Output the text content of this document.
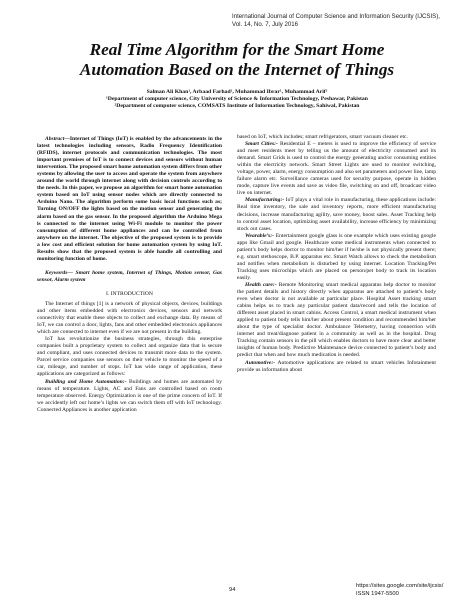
International Journal of Computer Science and Information Security (IJCSIS),
Vol. 14, No. 7, July 2016
Real Time Algorithm for the Smart Home
Automation Based on the Internet of Things
Salman Ali Khan¹, Arbaad Farhad¹, Muhammad Ibrar¹, Muhammad Arif²
¹Department of computer science, City University of Science & Information Technology, Peshawar, Pakistan
²Department of computer science, COMSATS Institute of Information Technology, Sahiwal, Pakistan

Abstract—Internet of Things (IoT) is enabled by the advancements in the latest technologies including sensors, Radio Frequency Identification (RFIDS), internet protocols and communication technologies. The most important premises of IoT is to connect devices and sensors without human intervention. The proposed smart home automation system differs from other systems by allowing the user to access and operate the system from anywhere around the world through internet along with decision controls according to the needs. In this paper, we propose an algorithm for smart home automation system based on IoT using sensor nodes which are directly connected to Arduino Nano. The algorithm perform some basic local functions such as; Turning ON/OFF the lights based on the motion sensor and generating the alarm based on the gas sensor. In the proposed algorithm the Arduino Mega is connected to the internet using Wi-Fi module to monitor the power consumption of different home appliances and can be controlled from anywhere on the internet. The objective of the proposed system is to provide a low cost and efficient solution for home automation system by using IoT. Results show that the proposed system is able handle all controlling and monitoring function of home.

Keywords— Smart home system, Internet of Things, Motion sensor, Gas sensor, Alarm system

I. INTRODUCTION

The Internet of things [1] is a network of physical objects, devices, buildings and other items embedded with electronics devices, sensors and network connectivity that enable these objects to collect and exchange data. By means of IoT, we can control a door, lights, fans and other embedded electronics appliances which are connected to internet even if we are not present in the building.

IoT has revolutionize the business strategies, through this enterprise companies built a proprietary system to collect and organize data that is secure and compliant, and uses connected devices to transmit more data to the system. Parcel service companies use sensors on their vehicle to monitor the speed of a car, mileage, and number of stops. IoT has wide range of application, these applications are categorized as follows:

Building and Home Automation:- Buildings and homes are automated by means of temperature. Lights, AC and Fans are controlled based on room temperature observed. Energy Optimization is one of the prime concern of IoT. If we accidently left our home’s lights we can switch them off with IoT technology. Connected Appliances is another application

based on IoT, which includes; smart refrigerators, smart vacuum cleaner etc.

Smart Cities:- Residential E – meters is used to improve the efficiency of service and meet residents meet by telling us the amount of electricity consumed and its demand. Smart Grids is used to control the energy generating and/or consuming entities within the electricity network. Smart Street Lights are used to monitor switching, voltage, power, alarm, energy consumption and also set parameters and power line, lamp failure alarm etc. Surveillance cameras used for security purpose, operate in hidden mode, capture live events and save as video file, switching on and off, broadcast video live on internet.

Manufacturing:- IoT plays a vital role in manufacturing, these applications include: Real time inventory, the sale and inventory reports, more efficient manufacturing decisions, increase manufacturing agility, save money, boost sales. Asset Tracking help to control asset location, optimizing asset availability, increase efficiency by minimizing stock out cases.

Wearable’s:- Entertainment google glass is one example which uses existing google apps like Gmail and google. Healthcare some medical instruments when connected to patient’s body helps doctor to monitor him/her if he/she is not physically present there; e.g. smart stethoscope, B.P. apparatus etc. Smart Watch allows to check the metabolism and notifies when metabolism is disturbed by using internet. Location Tracking/Pet Tracking uses microchips which are placed on person/pet body to track its location easily.

Health care:- Remote Monitoring smart medical apparatus help doctor to monitor the patient details and history directly when apparatus are attached to patient’s body even when doctor is not available at particular place. Hospital Asset tracking smart cabins helps us to track any particular patient data/record and tells the location of different asset placed in smart cabins. Access Control, a smart medical instrument when applied to patient body tells him/her about present condition and recommended him/her about the type of specialist doctor. Ambulance Telemetry, having connection with internet and treat/diagnose patient in a community as well as in the hospital. Drug Tracking contain sensors in the pill which enables doctors to have more clear and better insights of human body. Predictive Maintenance device connected to patient’s body and predict that when and how much medication is needed.

Automotive:- Automotive applications are related to smart vehicles Infotainment provide us information about

94
https://sites.google.com/site/ijcsis/
ISSN 1947-5500
